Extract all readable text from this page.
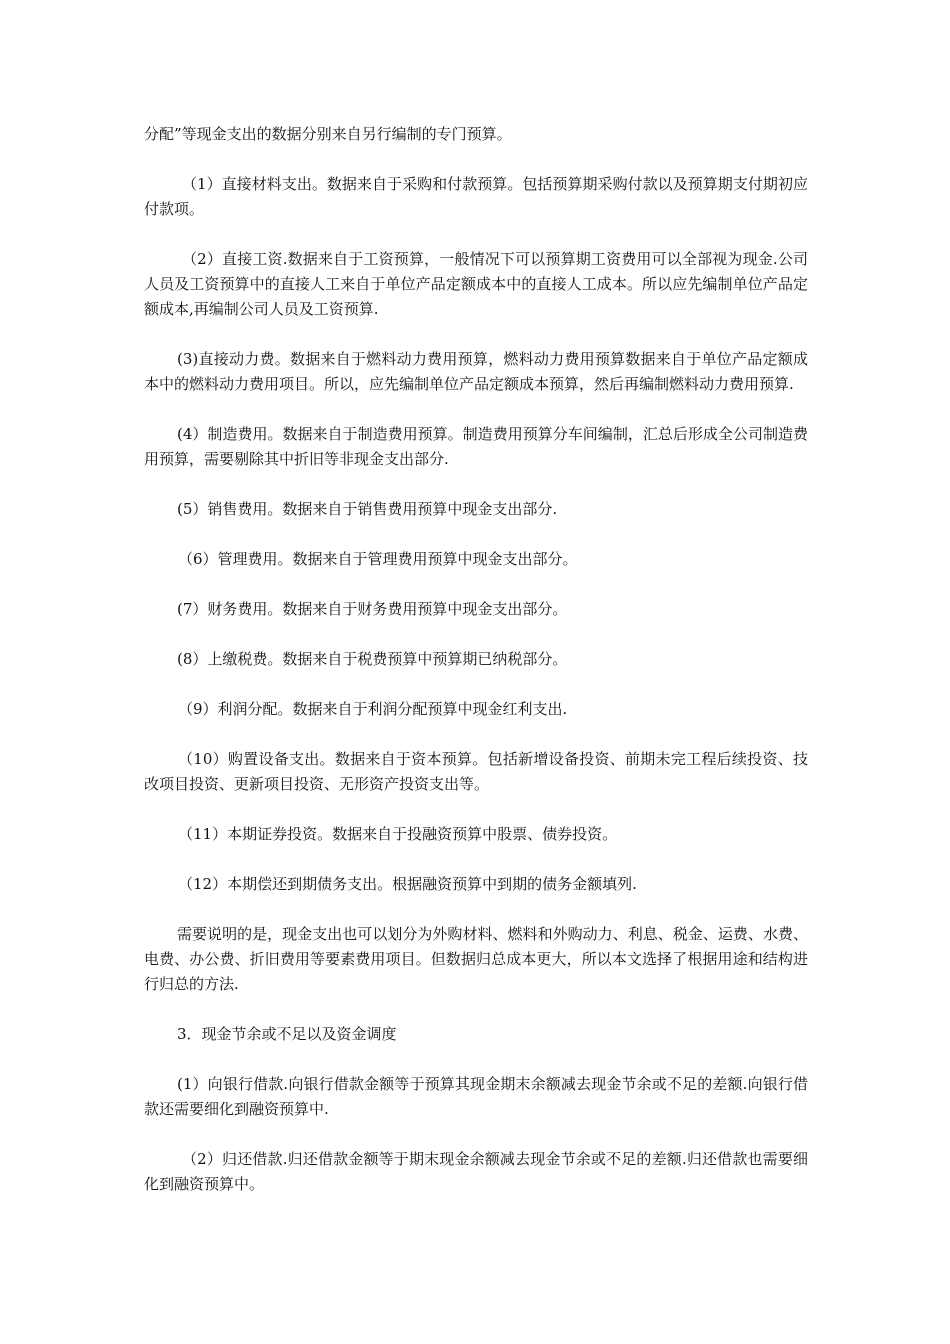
分配”等现金支出的数据分别来自另行编制的专门预算。

（1）直接材料支出。数据来自于采购和付款预算。包括预算期采购付款以及预算期支付期初应付款项。

（2）直接工资.数据来自于工资预算，一般情况下可以预算期工资费用可以全部视为现金.公司人员及工资预算中的直接人工来自于单位产品定额成本中的直接人工成本。所以应先编制单位产品定额成本,再编制公司人员及工资预算.

(3)直接动力费。数据来自于燃料动力费用预算，燃料动力费用预算数据来自于单位产品定额成本中的燃料动力费用项目。所以，应先编制单位产品定额成本预算，然后再编制燃料动力费用预算.

(4）制造费用。数据来自于制造费用预算。制造费用预算分车间编制，汇总后形成全公司制造费用预算，需要剔除其中折旧等非现金支出部分.

(5）销售费用。数据来自于销售费用预算中现金支出部分.

（6）管理费用。数据来自于管理费用预算中现金支出部分。

(7）财务费用。数据来自于财务费用预算中现金支出部分。

(8）上缴税费。数据来自于税费预算中预算期已纳税部分。

（9）利润分配。数据来自于利润分配预算中现金红利支出.

（10）购置设备支出。数据来自于资本预算。包括新增设备投资、前期未完工程后续投资、技改项目投资、更新项目投资、无形资产投资支出等。

（11）本期证券投资。数据来自于投融资预算中股票、债券投资。

（12）本期偿还到期债务支出。根据融资预算中到期的债务金额填列.

需要说明的是，现金支出也可以划分为外购材料、燃料和外购动力、利息、税金、运费、水费、电费、办公费、折旧费用等要素费用项目。但数据归总成本更大，所以本文选择了根据用途和结构进行归总的方法.

3．现金节余或不足以及资金调度

(1）向银行借款.向银行借款金额等于预算其现金期末余额减去现金节余或不足的差额.向银行借款还需要细化到融资预算中.

（2）归还借款.归还借款金额等于期末现金余额减去现金节余或不足的差额.归还借款也需要细化到融资预算中。
